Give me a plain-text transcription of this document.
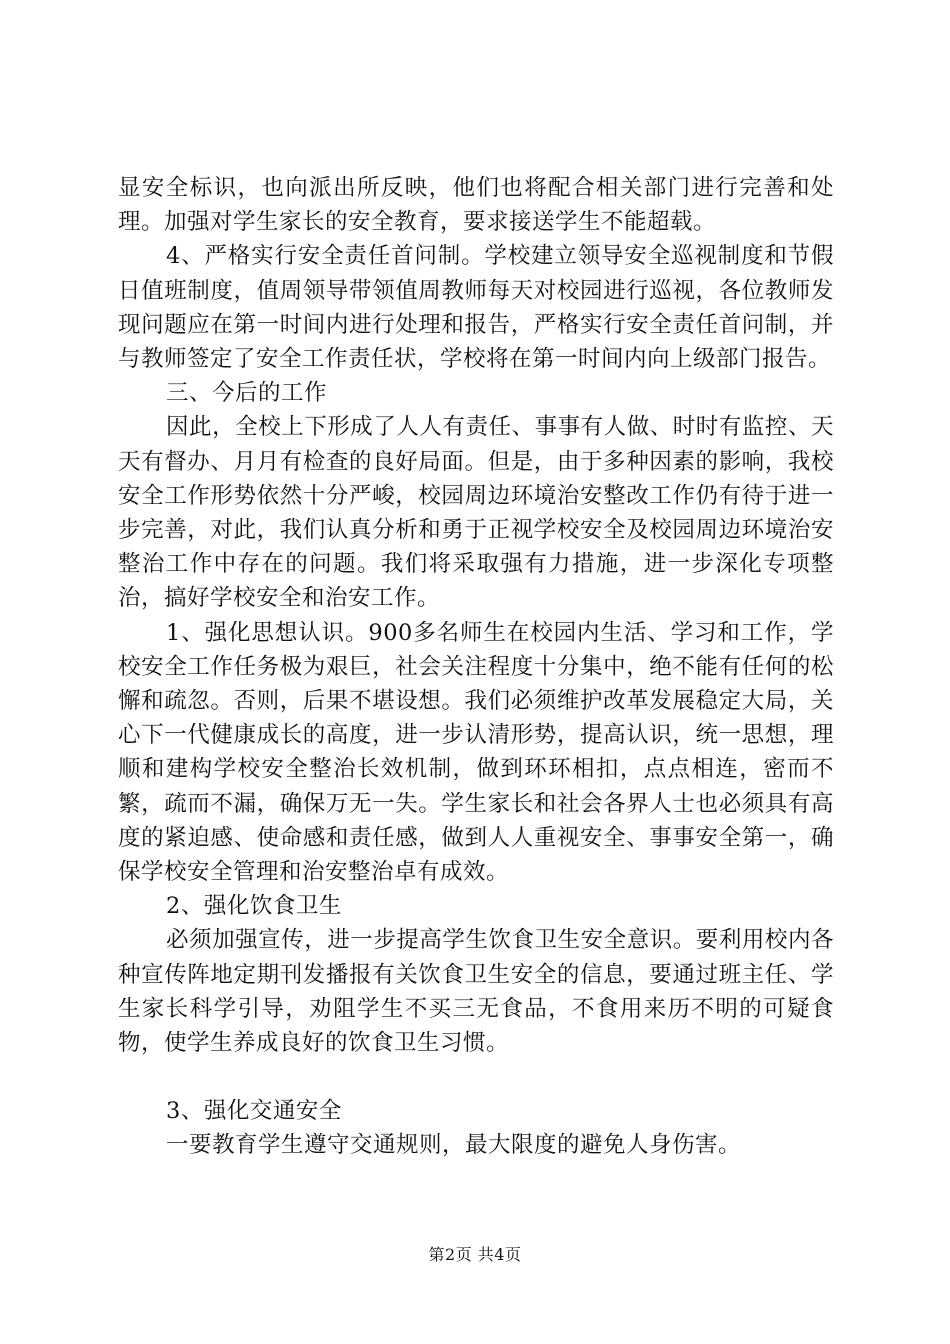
显安全标识，也向派出所反映，他们也将配合相关部门进行完善和处理。加强对学生家长的安全教育，要求接送学生不能超载。

4、严格实行安全责任首问制。学校建立领导安全巡视制度和节假日值班制度，值周领导带领值周教师每天对校园进行巡视，各位教师发现问题应在第一时间内进行处理和报告，严格实行安全责任首问制，并与教师签定了安全工作责任状，学校将在第一时间内向上级部门报告。

三、今后的工作

因此，全校上下形成了人人有责任、事事有人做、时时有监控、天天有督办、月月有检查的良好局面。但是，由于多种因素的影响，我校安全工作形势依然十分严峻，校园周边环境治安整改工作仍有待于进一步完善，对此，我们认真分析和勇于正视学校安全及校园周边环境治安整治工作中存在的问题。我们将采取强有力措施，进一步深化专项整治，搞好学校安全和治安工作。

1、强化思想认识。900多名师生在校园内生活、学习和工作，学校安全工作任务极为艰巨，社会关注程度十分集中，绝不能有任何的松懈和疏忽。否则，后果不堪设想。我们必须维护改革发展稳定大局，关心下一代健康成长的高度，进一步认清形势，提高认识，统一思想，理顺和建构学校安全整治长效机制，做到环环相扣，点点相连，密而不繁，疏而不漏，确保万无一失。学生家长和社会各界人士也必须具有高度的紧迫感、使命感和责任感，做到人人重视安全、事事安全第一，确保学校安全管理和治安整治卓有成效。

2、强化饮食卫生

必须加强宣传，进一步提高学生饮食卫生安全意识。要利用校内各种宣传阵地定期刊发播报有关饮食卫生安全的信息，要通过班主任、学生家长科学引导，劝阻学生不买三无食品，不食用来历不明的可疑食物，使学生养成良好的饮食卫生习惯。

3、强化交通安全

一要教育学生遵守交通规则，最大限度的避免人身伤害。

第2页 共4页
